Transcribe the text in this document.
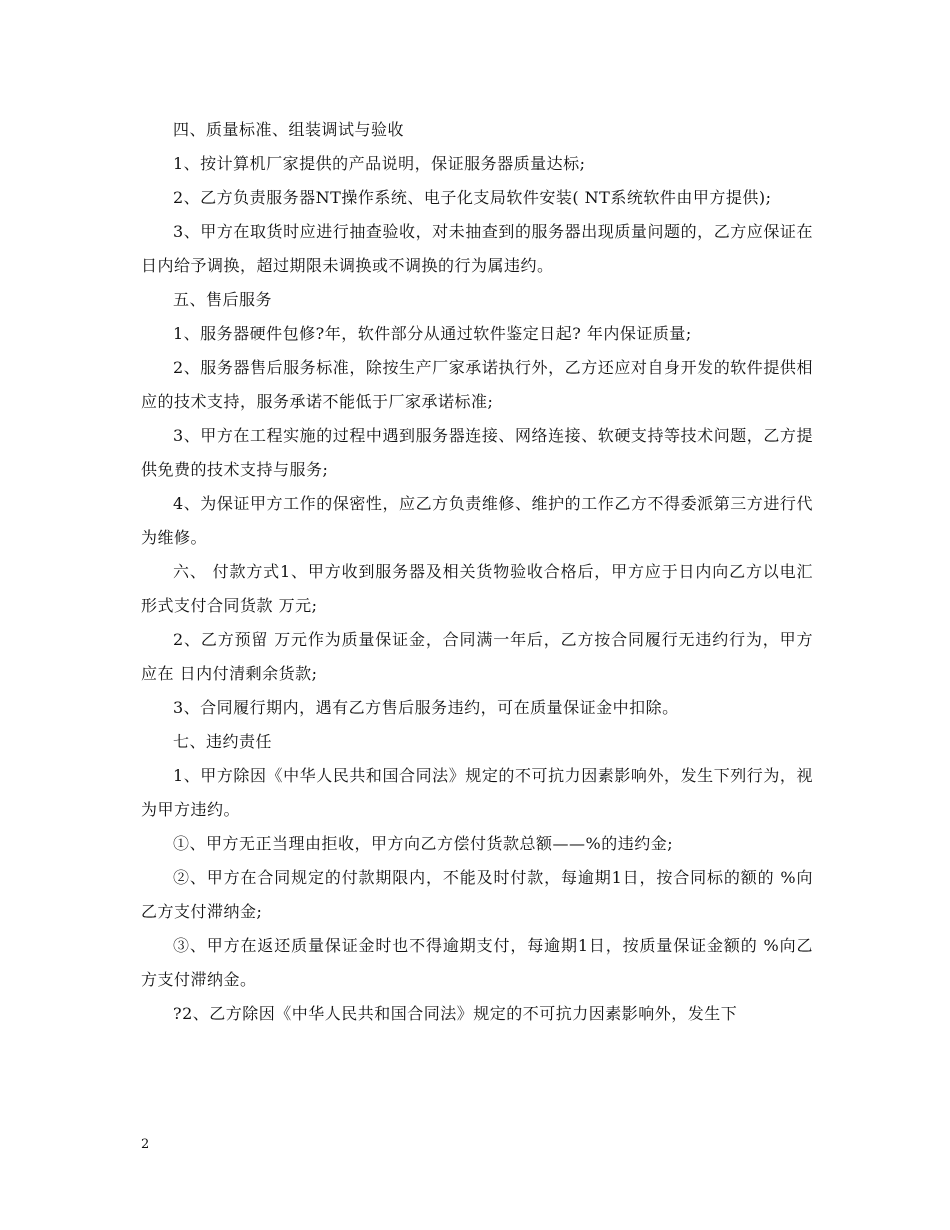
四、质量标准、组装调试与验收

1、按计算机厂家提供的产品说明，保证服务器质量达标;

2、乙方负责服务器NT操作系统、电子化支局软件安装( NT系统软件由甲方提供);

3、甲方在取货时应进行抽查验收，对未抽查到的服务器出现质量问题的，乙方应保证在日内给予调换，超过期限未调换或不调换的行为属违约。

五、售后服务

1、服务器硬件包修?年，软件部分从通过软件鉴定日起? 年内保证质量;

2、服务器售后服务标准，除按生产厂家承诺执行外，乙方还应对自身开发的软件提供相应的技术支持，服务承诺不能低于厂家承诺标准;

3、甲方在工程实施的过程中遇到服务器连接、网络连接、软硬支持等技术问题，乙方提供免费的技术支持与服务;

4、为保证甲方工作的保密性，应乙方负责维修、维护的工作乙方不得委派第三方进行代为维修。

六、 付款方式1、甲方收到服务器及相关货物验收合格后，甲方应于日内向乙方以电汇形式支付合同货款 万元;

2、乙方预留 万元作为质量保证金，合同满一年后，乙方按合同履行无违约行为，甲方应在 日内付清剩余货款;

3、合同履行期内，遇有乙方售后服务违约，可在质量保证金中扣除。

七、违约责任

1、甲方除因《中华人民共和国合同法》规定的不可抗力因素影响外，发生下列行为，视为甲方违约。

①、甲方无正当理由拒收，甲方向乙方偿付货款总额——%的违约金;

②、甲方在合同规定的付款期限内，不能及时付款，每逾期1日，按合同标的额的 %向乙方支付滞纳金;

③、甲方在返还质量保证金时也不得逾期支付，每逾期1日，按质量保证金额的 %向乙方支付滞纳金。

?2、乙方除因《中华人民共和国合同法》规定的不可抗力因素影响外，发生下

2
